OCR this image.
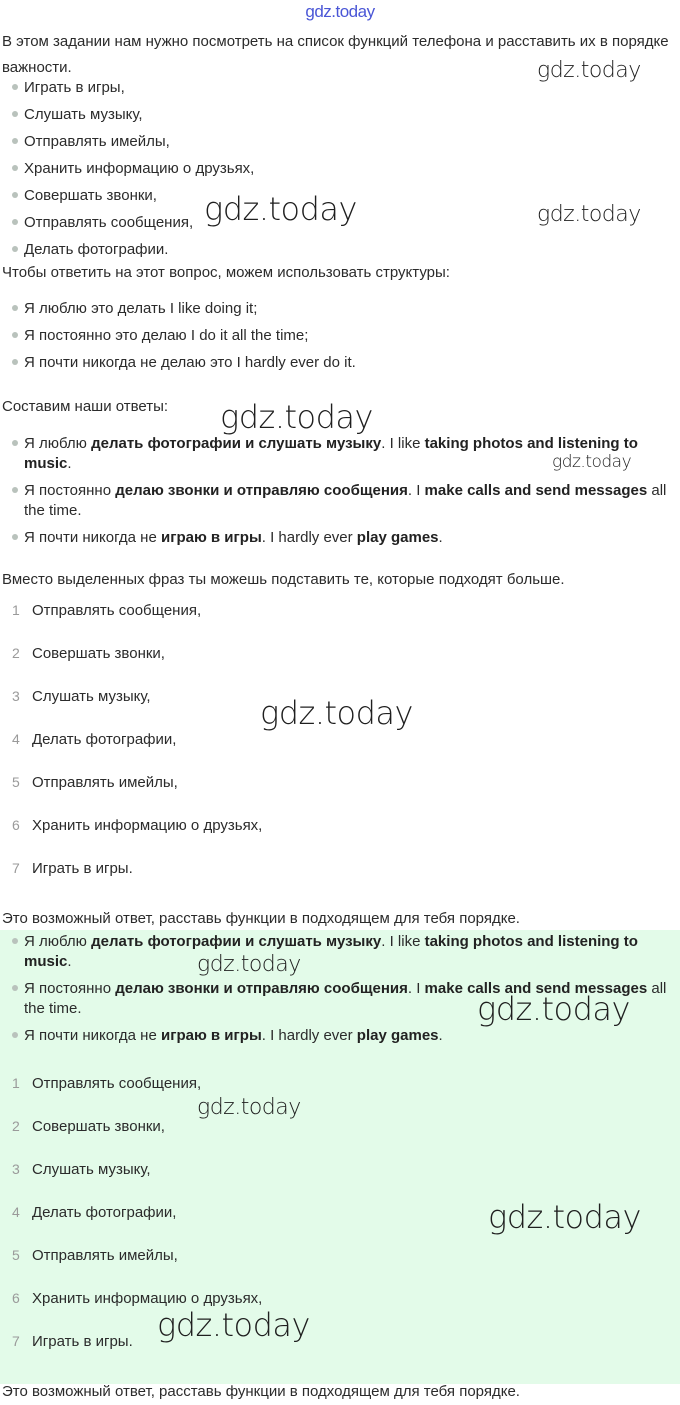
gdz.today
В этом задании нам нужно посмотреть на список функций телефона и расставить их в порядке важности.
Играть в игры,
Слушать музыку,
Отправлять имейлы,
Хранить информацию о друзьях,
Совершать звонки,
Отправлять сообщения,
Делать фотографии.
Чтобы ответить на этот вопрос, можем использовать структуры:
Я люблю это делать I like doing it;
Я постоянно это делаю I do it all the time;
Я почти никогда не делаю это I hardly ever do it.
Составим наши ответы:
Я люблю делать фотографии и слушать музыку. I like taking photos and listening to music.
Я постоянно делаю звонки и отправляю сообщения. I make calls and send messages all the time.
Я почти никогда не играю в игры. I hardly ever play games.
Вместо выделенных фраз ты можешь подставить те, которые подходят больше.
1 Отправлять сообщения,
2 Совершать звонки,
3 Слушать музыку,
4 Делать фотографии,
5 Отправлять имейлы,
6 Хранить информацию о друзьях,
7 Играть в игры.
Это возможный ответ, расставь функции в подходящем для тебя порядке.
Я люблю делать фотографии и слушать музыку. I like taking photos and listening to music.
Я постоянно делаю звонки и отправляю сообщения. I make calls and send messages all the time.
Я почти никогда не играю в игры. I hardly ever play games.
1 Отправлять сообщения,
2 Совершать звонки,
3 Слушать музыку,
4 Делать фотографии,
5 Отправлять имейлы,
6 Хранить информацию о друзьях,
7 Играть в игры.
Это возможный ответ, расставь функции в подходящем для тебя порядке.
gdz.today
gdz.today	gdz.today
gdz.today
gdz.today
gdz.today
gdz.today
gdz.today
gdz.today
gdz.today
gdz.today
